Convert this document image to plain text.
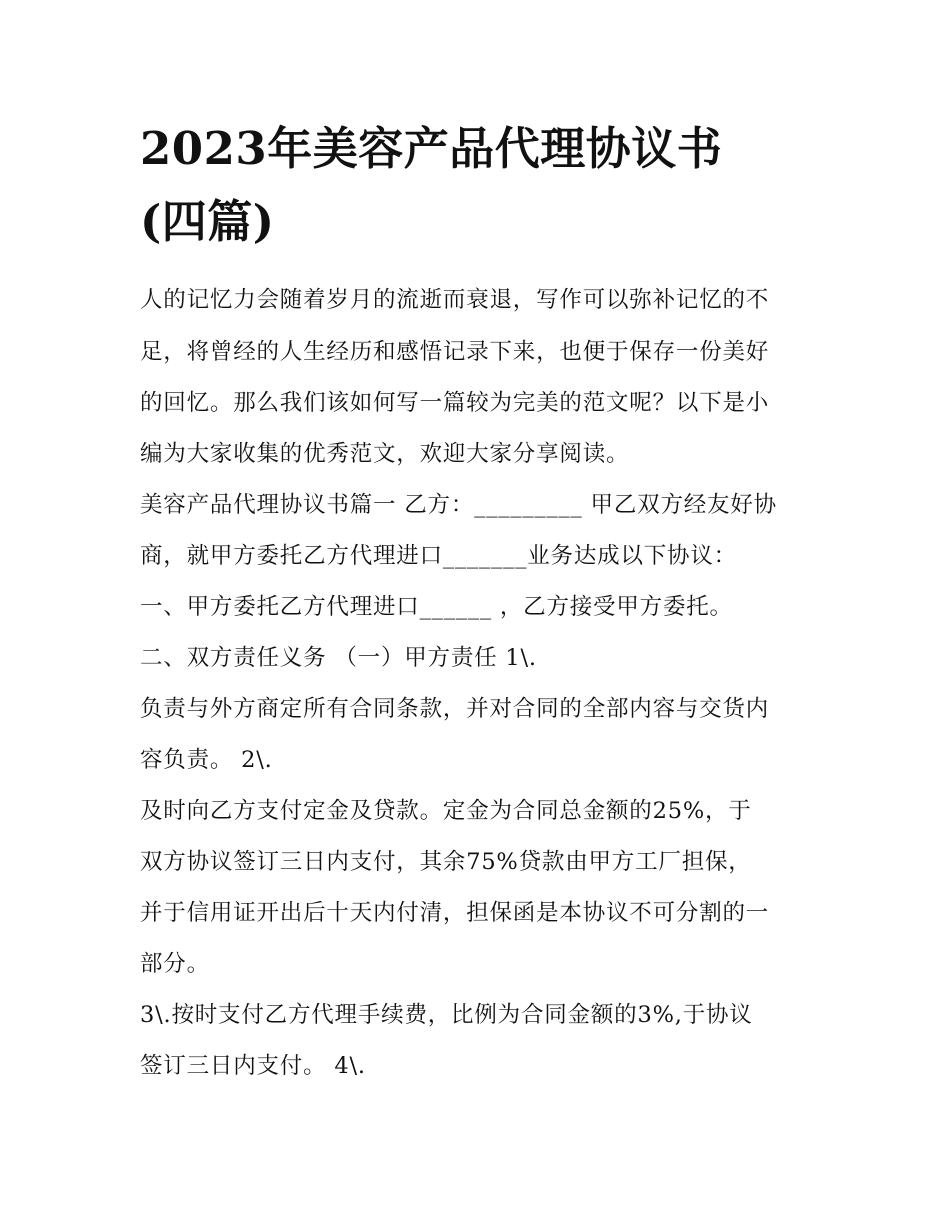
2023年美容产品代理协议书
(四篇)
人的记忆力会随着岁月的流逝而衰退，写作可以弥补记忆的不
足，将曾经的人生经历和感悟记录下来，也便于保存一份美好
的回忆。那么我们该如何写一篇较为完美的范文呢？以下是小
编为大家收集的优秀范文，欢迎大家分享阅读。
美容产品代理协议书篇一 乙方：_________ 甲乙双方经友好协
商，就甲方委托乙方代理进口_______业务达成以下协议：
一、甲方委托乙方代理进口______ ，乙方接受甲方委托。
二、双方责任义务 （一）甲方责任 1\.
负责与外方商定所有合同条款，并对合同的全部内容与交货内
容负责。 2\.
及时向乙方支付定金及贷款。定金为合同总金额的25%，于
双方协议签订三日内支付，其余75%贷款由甲方工厂担保，
并于信用证开出后十天内付清，担保函是本协议不可分割的一
部分。
3\.按时支付乙方代理手续费，比例为合同金额的3%,于协议
签订三日内支付。 4\.
